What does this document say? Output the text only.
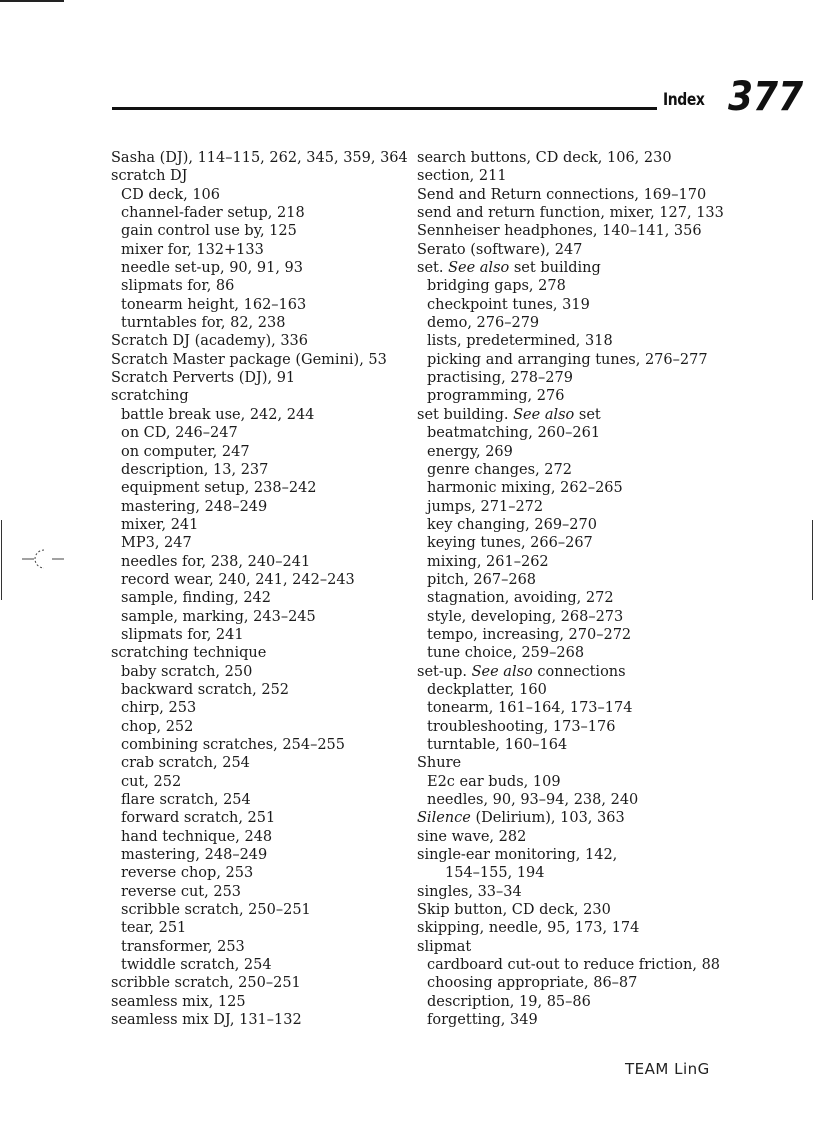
Index 377
Sasha (DJ), 114–115, 262, 345, 359, 364
scratch DJ
CD deck, 106
channel-fader setup, 218
gain control use by, 125
mixer for, 132+133
needle set-up, 90, 91, 93
slipmats for, 86
tonearm height, 162–163
turntables for, 82, 238
Scratch DJ (academy), 336
Scratch Master package (Gemini), 53
Scratch Perverts (DJ), 91
scratching
battle break use, 242, 244
on CD, 246–247
on computer, 247
description, 13, 237
equipment setup, 238–242
mastering, 248–249
mixer, 241
MP3, 247
needles for, 238, 240–241
record wear, 240, 241, 242–243
sample, finding, 242
sample, marking, 243–245
slipmats for, 241
scratching technique
baby scratch, 250
backward scratch, 252
chirp, 253
chop, 252
combining scratches, 254–255
crab scratch, 254
cut, 252
flare scratch, 254
forward scratch, 251
hand technique, 248
mastering, 248–249
reverse chop, 253
reverse cut, 253
scribble scratch, 250–251
tear, 251
transformer, 253
twiddle scratch, 254
scribble scratch, 250–251
seamless mix, 125
seamless mix DJ, 131–132
search buttons, CD deck, 106, 230
section, 211
Send and Return connections, 169–170
send and return function, mixer, 127, 133
Sennheiser headphones, 140–141, 356
Serato (software), 247
set. See also set building
bridging gaps, 278
checkpoint tunes, 319
demo, 276–279
lists, predetermined, 318
picking and arranging tunes, 276–277
practising, 278–279
programming, 276
set building. See also set
beatmatching, 260–261
energy, 269
genre changes, 272
harmonic mixing, 262–265
jumps, 271–272
key changing, 269–270
keying tunes, 266–267
mixing, 261–262
pitch, 267–268
stagnation, avoiding, 272
style, developing, 268–273
tempo, increasing, 270–272
tune choice, 259–268
set-up. See also connections
deckplatter, 160
tonearm, 161–164, 173–174
troubleshooting, 173–176
turntable, 160–164
Shure
E2c ear buds, 109
needles, 90, 93–94, 238, 240
Silence (Delirium), 103, 363
sine wave, 282
single-ear monitoring, 142,
154–155, 194
singles, 33–34
Skip button, CD deck, 230
skipping, needle, 95, 173, 174
slipmat
cardboard cut-out to reduce friction, 88
choosing appropriate, 86–87
description, 19, 85–86
forgetting, 349
TEAM LinG
